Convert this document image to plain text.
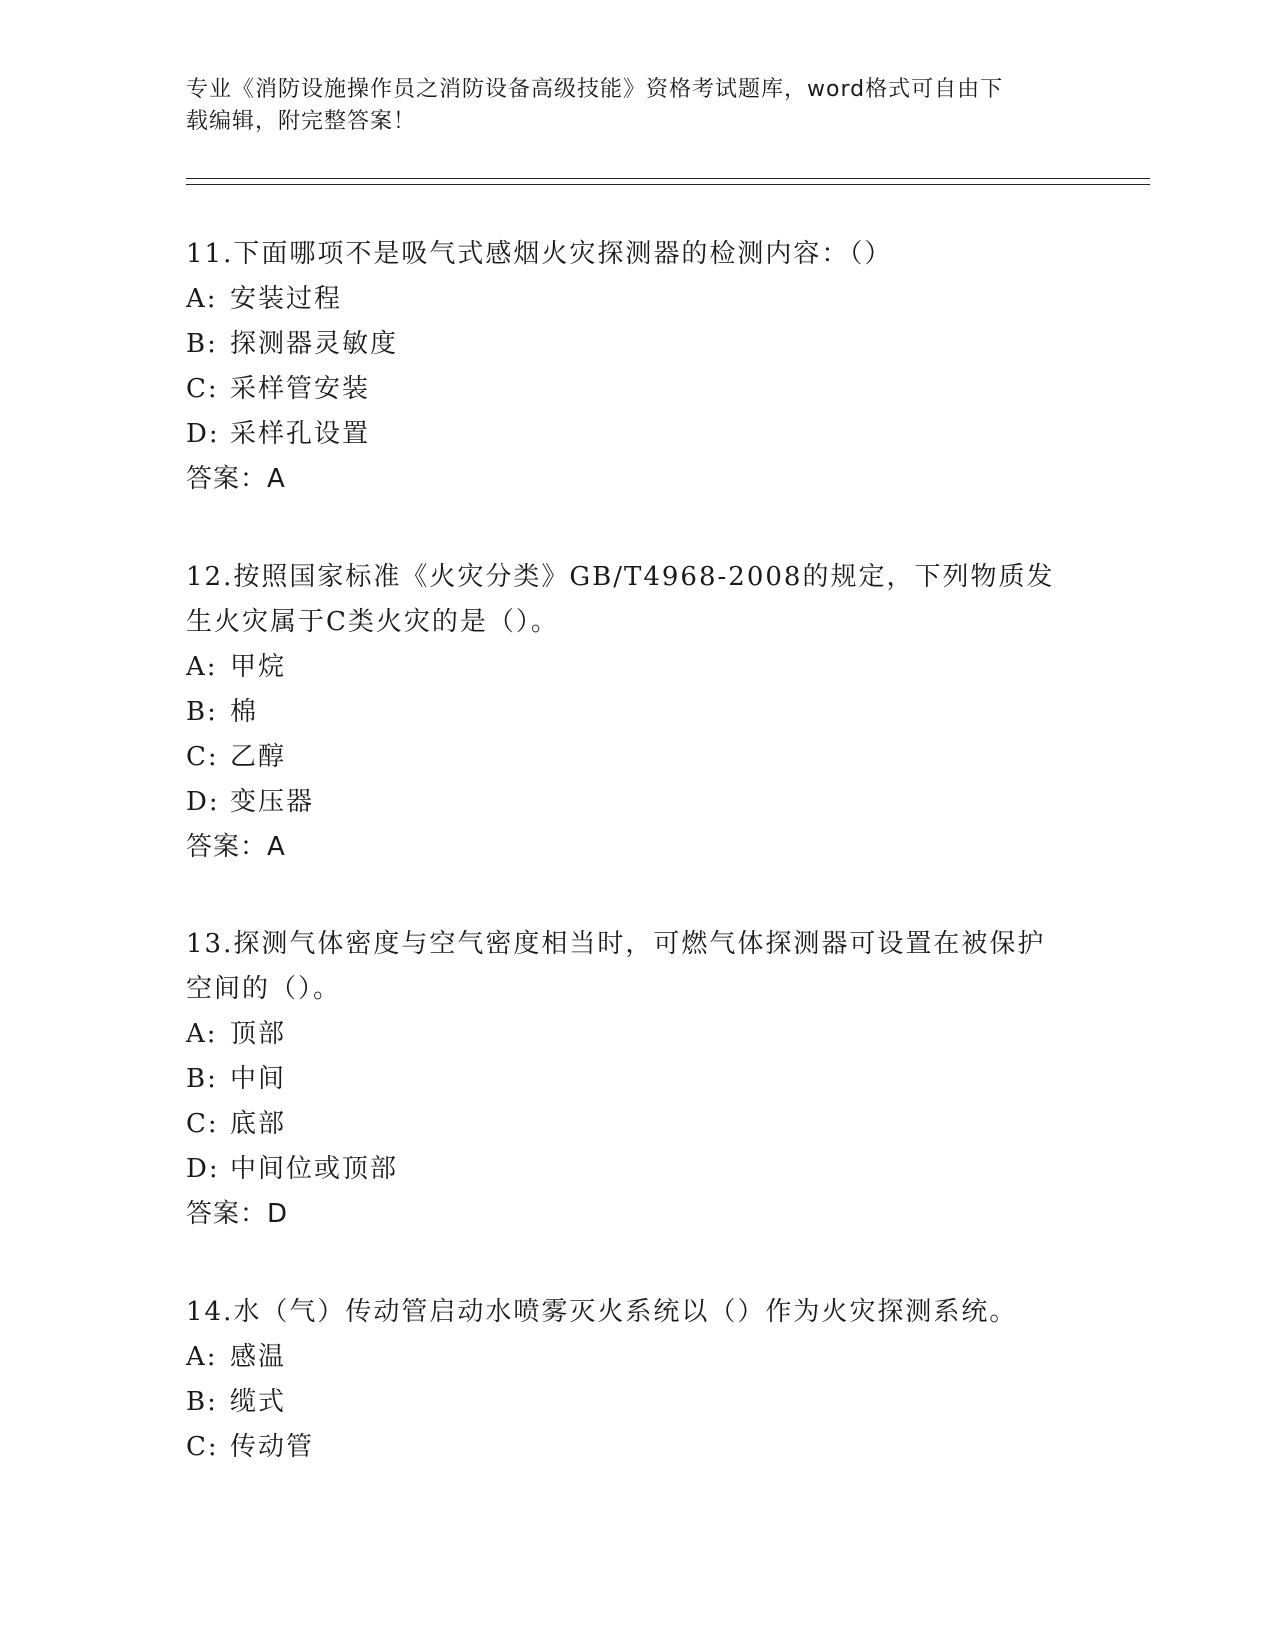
专业《消防设施操作员之消防设备高级技能》资格考试题库，word格式可自由下
载编辑，附完整答案！
11.下面哪项不是吸气式感烟火灾探测器的检测内容：（）
A: 安装过程
B: 探测器灵敏度
C: 采样管安装
D: 采样孔设置
答案：A
12.按照国家标准《火灾分类》GB/T4968-2008的规定，下列物质发生火灾属于C类火灾的是（）。
A: 甲烷
B: 棉
C: 乙醇
D: 变压器
答案：A
13.探测气体密度与空气密度相当时，可燃气体探测器可设置在被保护空间的（）。
A: 顶部
B: 中间
C: 底部
D: 中间位或顶部
答案：D
14.水（气）传动管启动水喷雾灭火系统以（）作为火灾探测系统。
A: 感温
B: 缆式
C: 传动管
